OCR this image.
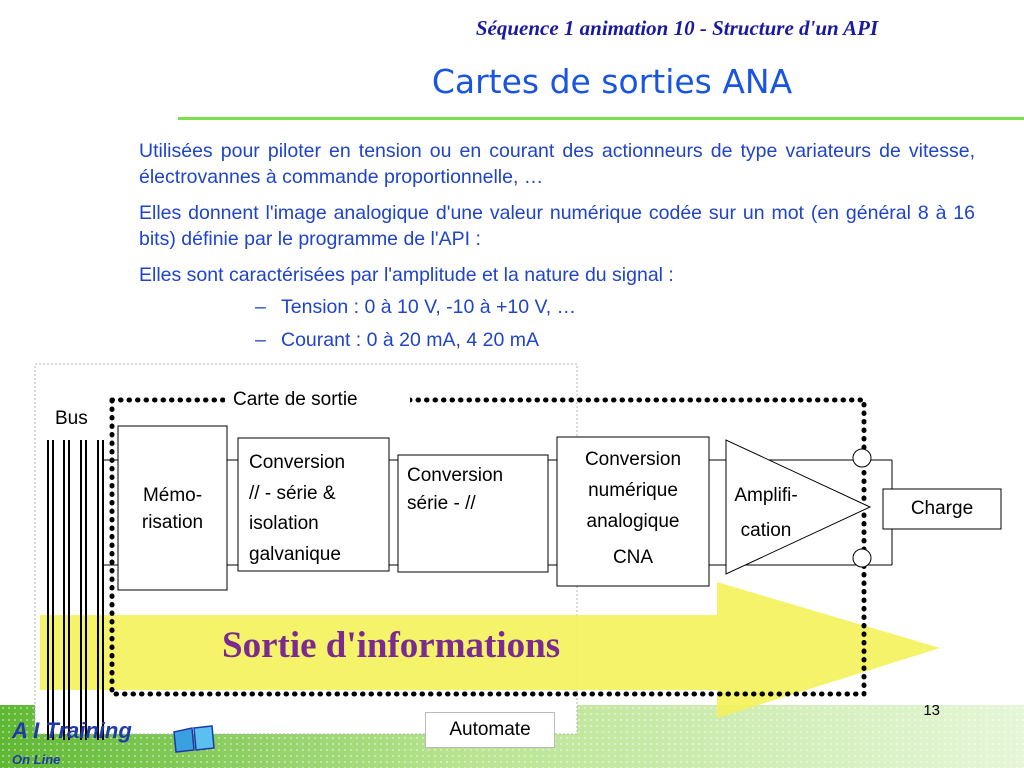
Séquence 1 animation 10 - Structure d'un API
Cartes de sorties ANA
Utilisées pour piloter en tension ou en courant des actionneurs de type variateurs de vitesse, électrovannes à commande proportionnelle, …
Elles donnent l'image analogique d'une valeur numérique codée sur un mot (en général 8 à 16 bits) définie par le programme de l'API :
Elles sont caractérisées par l'amplitude et la nature du signal :
– Tension : 0 à 10 V, -10 à +10 V, …
– Courant : 0 à 20 mA, 4 20 mA
Carte de sortie
Bus
Mémo-
risation
Conversion
// - série &
isolation
galvanique
Conversion
série - //
Conversion
numérique
analogique
CNA
Amplifi-
cation
Charge
Sortie d'informations
Automate
A I Training
On Line
13
